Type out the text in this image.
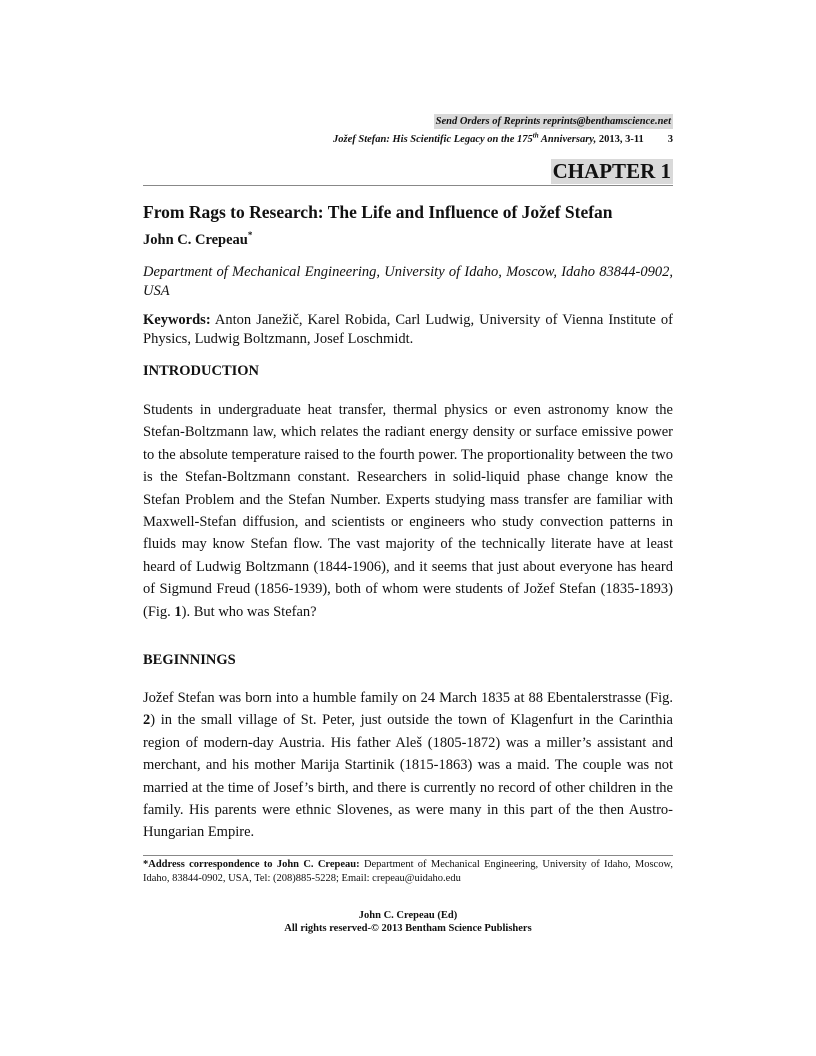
Send Orders of Reprints reprints@benthamscience.net
Jožef Stefan: His Scientific Legacy on the 175th Anniversary, 2013, 3-11 3
CHAPTER 1
From Rags to Research: The Life and Influence of Jožef Stefan
John C. Crepeau*
Department of Mechanical Engineering, University of Idaho, Moscow, Idaho 83844-0902, USA
Keywords: Anton Janežič, Karel Robida, Carl Ludwig, University of Vienna Institute of Physics, Ludwig Boltzmann, Josef Loschmidt.
INTRODUCTION

Students in undergraduate heat transfer, thermal physics or even astronomy know the Stefan-Boltzmann law, which relates the radiant energy density or surface emissive power to the absolute temperature raised to the fourth power. The proportionality between the two is the Stefan-Boltzmann constant. Researchers in solid-liquid phase change know the Stefan Problem and the Stefan Number. Experts studying mass transfer are familiar with Maxwell-Stefan diffusion, and scientists or engineers who study convection patterns in fluids may know Stefan flow. The vast majority of the technically literate have at least heard of Ludwig Boltzmann (1844-1906), and it seems that just about everyone has heard of Sigmund Freud (1856-1939), both of whom were students of Jožef Stefan (1835-1893) (Fig. 1). But who was Stefan?

BEGINNINGS

Jožef Stefan was born into a humble family on 24 March 1835 at 88 Ebentalerstrasse (Fig. 2) in the small village of St. Peter, just outside the town of Klagenfurt in the Carinthia region of modern-day Austria. His father Aleš (1805-1872) was a miller’s assistant and merchant, and his mother Marija Startinik (1815-1863) was a maid. The couple was not married at the time of Josef’s birth, and there is currently no record of other children in the family. His parents were ethnic Slovenes, as were many in this part of the then Austro-Hungarian Empire.

*Address correspondence to John C. Crepeau: Department of Mechanical Engineering, University of Idaho, Moscow, Idaho, 83844-0902, USA, Tel: (208)885-5228; Email: crepeau@uidaho.edu
John C. Crepeau (Ed)
All rights reserved-© 2013 Bentham Science Publishers
